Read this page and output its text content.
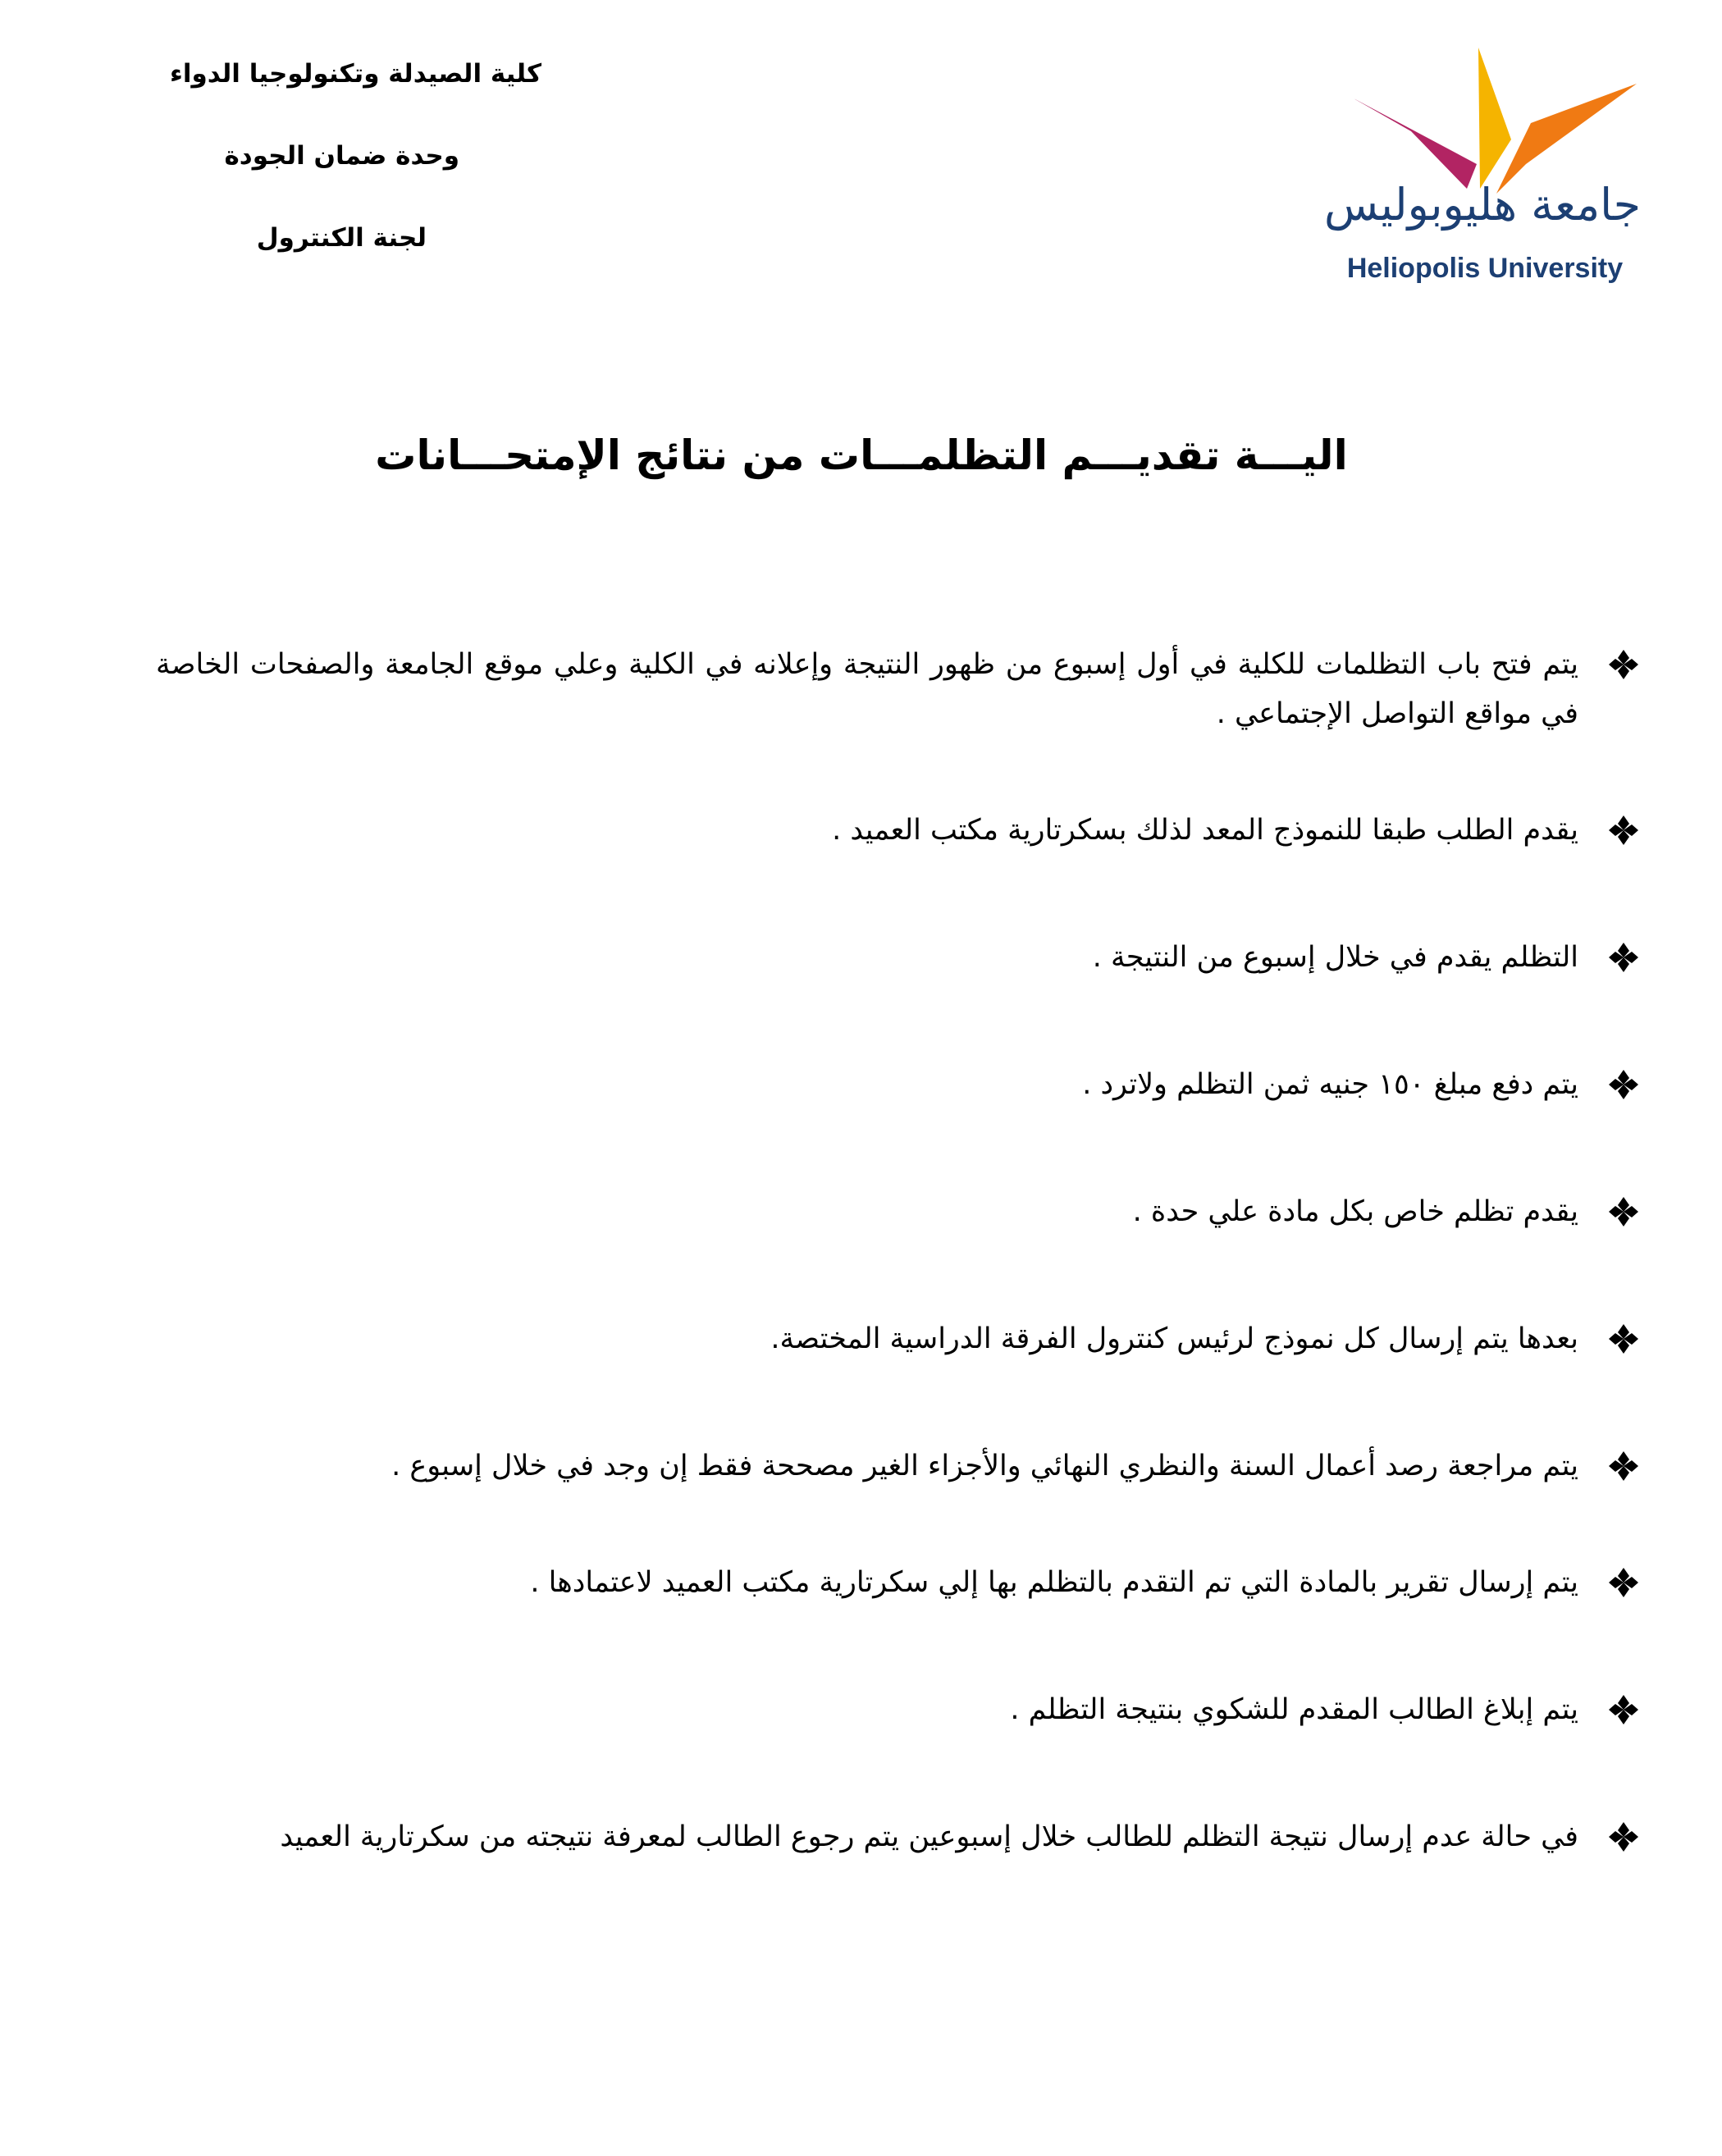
كلية الصيدلة وتكنولوجيا الدواء
وحدة ضمان الجودة
لجنة الكنترول
جامعة هليوبوليس
Heliopolis University
اليـــة تقديـــم التظلمـــات من نتائج الإمتحـــانات
يتم فتح باب التظلمات للكلية في أول إسبوع من ظهور النتيجة وإعلانه في الكلية وعلي موقع الجامعة والصفحات الخاصة في مواقع التواصل الإجتماعي .
يقدم الطلب طبقا للنموذج المعد لذلك بسكرتارية مكتب العميد .
التظلم يقدم في خلال إسبوع من النتيجة .
يتم دفع مبلغ ١٥٠ جنيه ثمن التظلم ولاترد .
يقدم تظلم خاص بكل مادة علي حدة .
بعدها يتم إرسال كل نموذج لرئيس كنترول الفرقة الدراسية المختصة.
يتم مراجعة رصد أعمال السنة والنظري النهائي والأجزاء الغير مصححة فقط إن وجد في خلال إسبوع .
يتم إرسال تقرير بالمادة التي تم التقدم بالتظلم بها إلي سكرتارية مكتب العميد لاعتمادها .
يتم إبلاغ الطالب المقدم للشكوي بنتيجة التظلم .
في حالة عدم إرسال نتيجة التظلم للطالب خلال إسبوعين يتم رجوع الطالب لمعرفة نتيجته من سكرتارية العميد
